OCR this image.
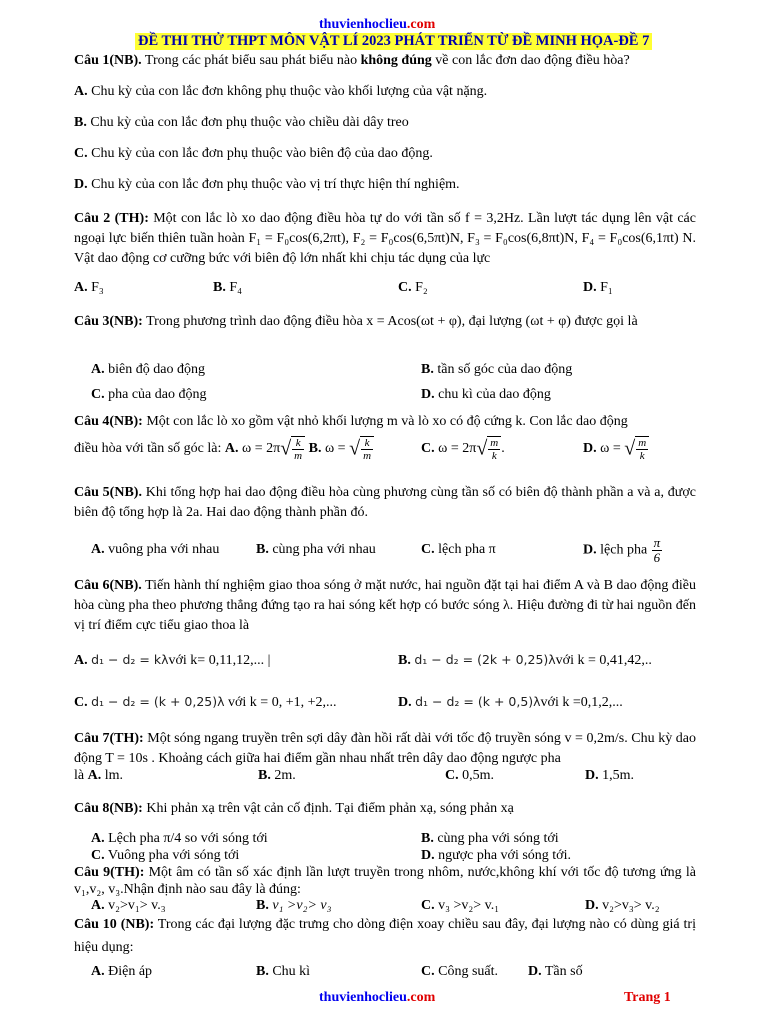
thuvienhoclieu.com
ĐỀ THI THỬ THPT MÔN VẬT LÍ 2023 PHÁT TRIỂN TỪ ĐỀ MINH HỌA-ĐỀ 7
Câu 1(NB). Trong các phát biểu sau phát biểu nào không đúng về con lắc đơn dao động điều hòa?
A. Chu kỳ của con lắc đơn không phụ thuộc vào khối lượng của vật nặng.
B. Chu kỳ của con lắc đơn phụ thuộc vào chiều dài dây treo
C. Chu kỳ của con lắc đơn phụ thuộc vào biên độ của dao động.
D. Chu kỳ của con lắc đơn phụ thuộc vào vị trí thực hiện thí nghiệm.
Câu 2 (TH): Một con lắc lò xo dao động điều hòa tự do với tần số f = 3,2Hz. Lần lượt tác dụng lên vật các ngoại lực biến thiên tuần hoàn F₁ = F₀cos(6,2πt), F₂ = F₀cos(6,5πt)N, F₃ = F₀cos(6,8πt)N, F₄ = F₀cos(6,1πt) N. Vật dao động cơ cưỡng bức với biên độ lớn nhất khi chịu tác dụng của lực
A. F₃	B. F₄	C. F₂	D. F₁
Câu 3(NB): Trong phương trình dao động điều hòa x = Acos(ωt + φ), đại lượng (ωt + φ) được gọi là
A. biên độ dao động	B. tần số góc của dao động
C. pha của dao động	D. chu kì của dao động
Câu 4(NB): Một con lắc lò xo gồm vật nhỏ khối lượng m và lò xo có độ cứng k. Con lắc dao động
điều hòa với tần số góc là: A. $\omega = 2\pi√ \frac{k}{m} B$. ω = √ $\frac{k}{m}$	C. $\omega = 2\pi√ \frac{m}{k}$ .	D. ω = √ $\frac{m}{k}$
Câu 5(NB). Khi tổng hợp hai dao động điều hòa cùng phương cùng tần số có biên độ thành phần a và a, được biên độ tổng hợp là 2a. Hai dao động thành phần đó.
A. vuông pha với nhau	B. cùng pha với nhau	C. lệch pha π	D. lệch pha $\frac{\pi}{6}$
Câu 6(NB). Tiến hành thí nghiệm giao thoa sóng ở mặt nước, hai nguồn đặt tại hai điểm A và B dao động điều hòa cùng pha theo phương thẳng đứng tạo ra hai sóng kết hợp có bước sóng λ. Hiệu đường đi từ hai nguồn đến vị trí điểm cực tiểu giao thoa là
A. d₁ − d₂ = kλvới k= 0,11,12,... |	B. d₁ − d₂ = (2k + 0,25)λvới k = 0,41,42,..
C. d₁ − d₂ = (k + 0,25)λ với k = 0, +1, +2,...	D. d₁ − d₂ = (k + 0,5)λvới k =0,1,2,...
Câu 7(TH): Một sóng ngang truyền trên sợi dây đàn hồi rất dài với tốc độ truyền sóng v = 0,2m/s. Chu kỳ dao động T = 10s . Khoảng cách giữa hai điểm gần nhau nhất trên dây dao động ngược pha
là A. lm.	B. 2m.	C. 0,5m.	D. 1,5m.
Câu 8(NB): Khi phản xạ trên vật cản cố định. Tại điểm phản xạ, sóng phản xạ
A. Lệch pha π/4 so với sóng tới	B. cùng pha với sóng tới
C. Vuông pha với sóng tới	D. ngược pha với sóng tới.
Câu 9(TH): Một âm có tần số xác định lần lượt truyền trong nhôm, nước,không khí với tốc độ tương ứng là v₁,v₂, v₃.Nhận định nào sau đây là đúng:
A. v₂>v₁> v.₃	B. v₁ >v₂> v₃	C. v₃ >v₂> v.₁	D. v₂>v₃> v.₂
Câu 10 (NB): Trong các đại lượng đặc trưng cho dòng điện xoay chiều sau đây, đại lượng nào có dùng giá trị hiệu dụng:
A. Điện áp	B. Chu kì	C. Công suất. D. Tần số
thuvienhoclieu.com	Trang 1
